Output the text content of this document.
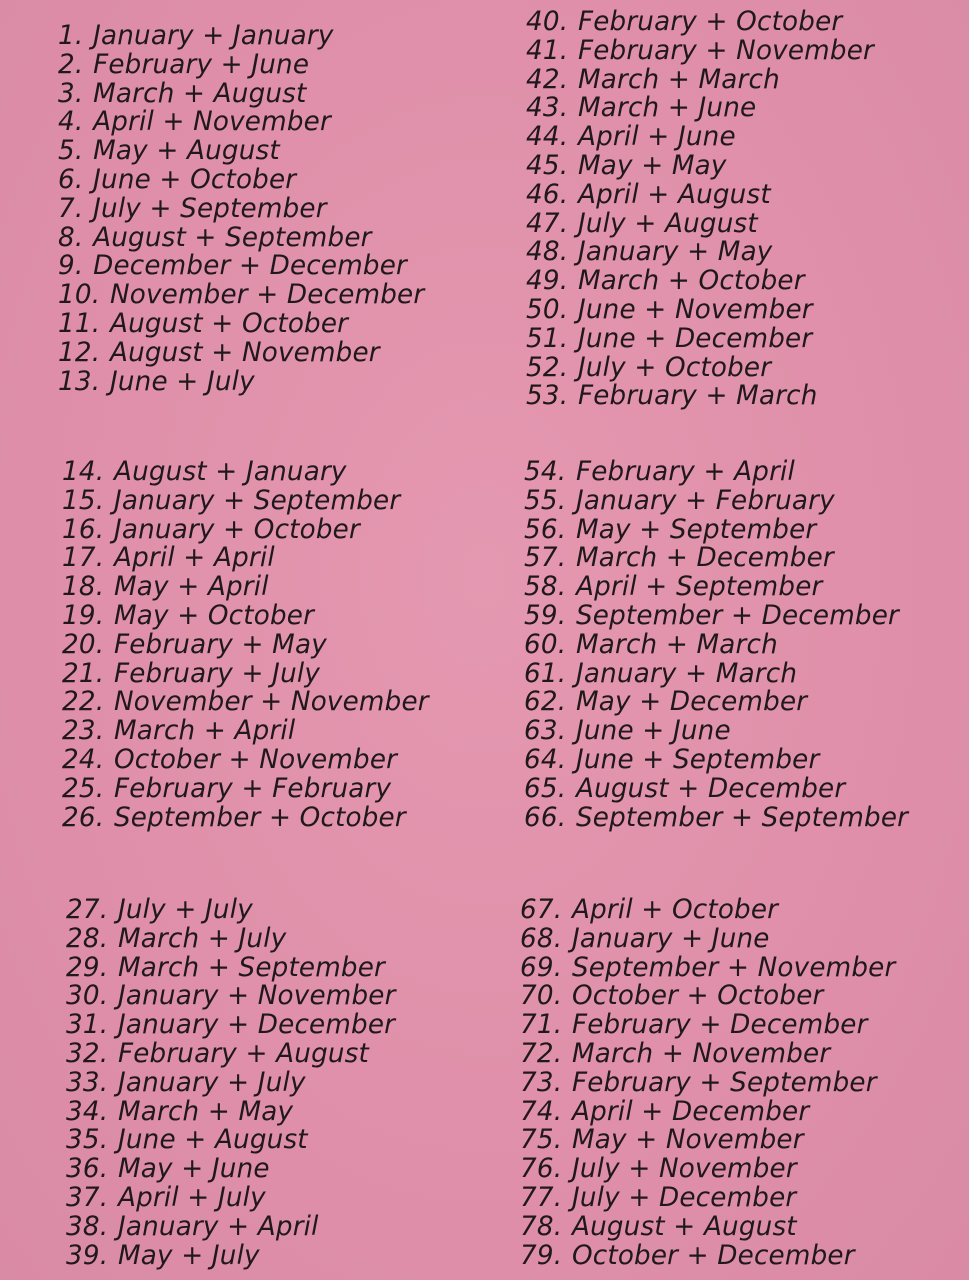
1. January + January
2. February + June
3. March + August
4. April + November
5. May + August
6. June + October
7. July + September
8. August + September
9. December + December
10. November + December
11. August + October
12. August + November
13. June + July
14. August + January
15. January + September
16. January + October
17. April + April
18. May + April
19. May + October
20. February + May
21. February + July
22. November + November
23. March + April
24. October + November
25. February + February
26. September + October
27. July + July
28. March + July
29. March + September
30. January + November
31. January + December
32. February + August
33. January + July
34. March + May
35. June + August
36. May + June
37. April + July
38. January + April
39. May + July
40. February + October
41. February + November
42. March + March
43. March + June
44. April + June
45. May + May
46. April + August
47. July + August
48. January + May
49. March + October
50. June + November
51. June + December
52. July + October
53. February + March
54. February + April
55. January + February
56. May + September
57. March + December
58. April + September
59. September + December
60. March + March
61. January + March
62. May + December
63. June + June
64. June + September
65. August + December
66. September + September
67. April + October
68. January + June
69. September + November
70. October + October
71. February + December
72. March + November
73. February + September
74. April + December
75. May + November
76. July + November
77. July + December
78. August + August
79. October + December
